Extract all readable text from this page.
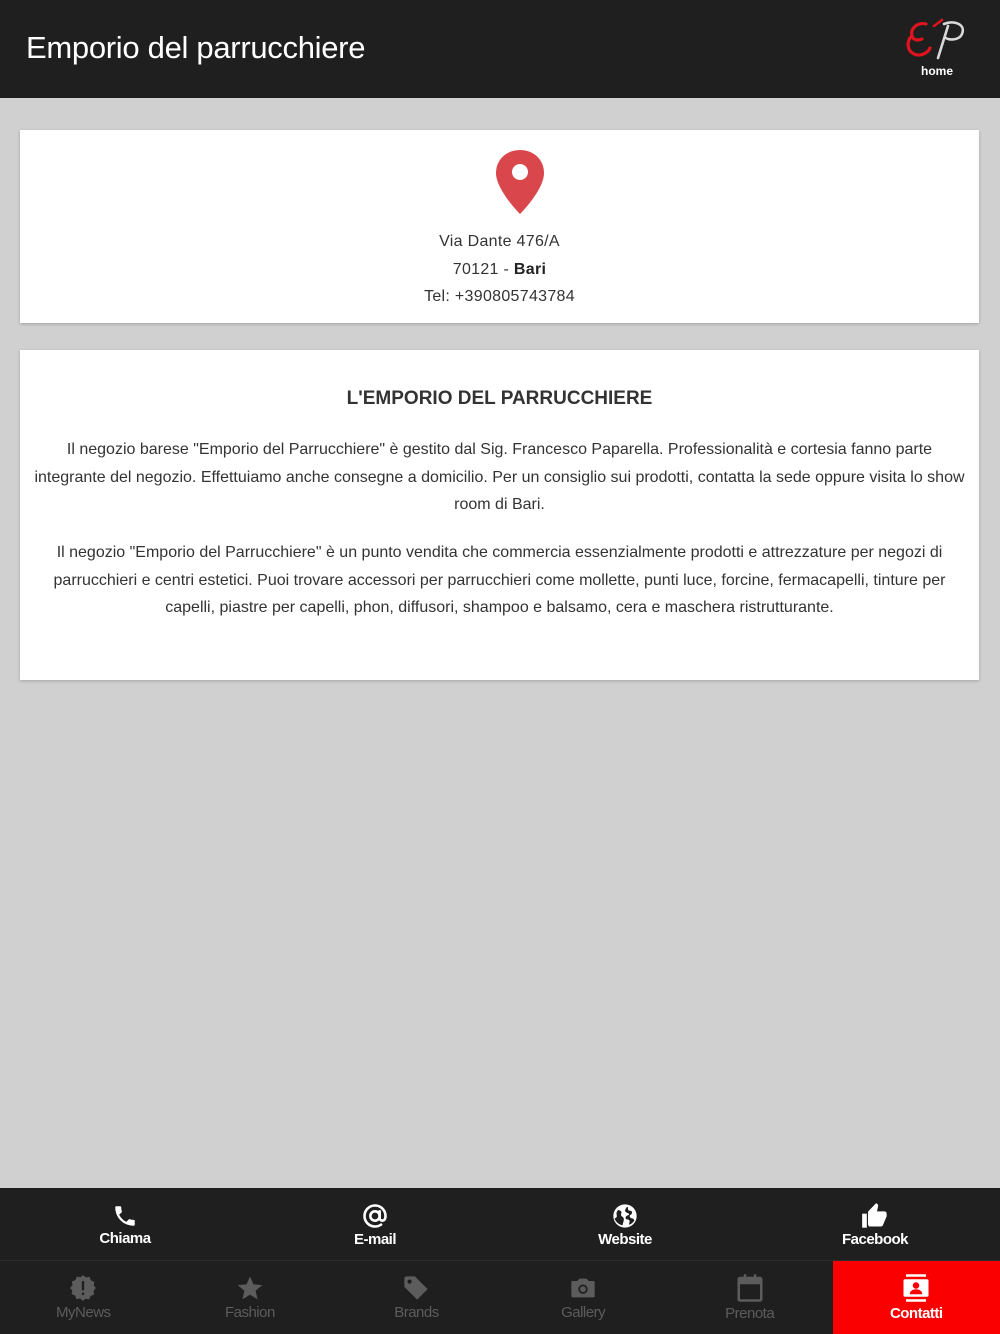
Emporio del parrucchiere
home
Via Dante 476/A
70121 - Bari
Tel: +390805743784
L'EMPORIO DEL PARRUCCHIERE

Il negozio barese "Emporio del Parrucchiere" è gestito dal Sig. Francesco Paparella. Professionalità e cortesia fanno parte integrante del negozio. Effettuiamo anche consegne a domicilio. Per un consiglio sui prodotti, contatta la sede oppure visita lo show room di Bari.

Il negozio "Emporio del Parrucchiere" è un punto vendita che commercia essenzialmente prodotti e attrezzature per negozi di parrucchieri e centri estetici. Puoi trovare accessori per parrucchieri come mollette, punti luce, forcine, fermacapelli, tinture per capelli, piastre per capelli, phon, diffusori, shampoo e balsamo, cera e maschera ristrutturante.

Chiama	E-mail	Website	Facebook
MyNews	Fashion	Brands	Gallery	Prenota	Contatti
